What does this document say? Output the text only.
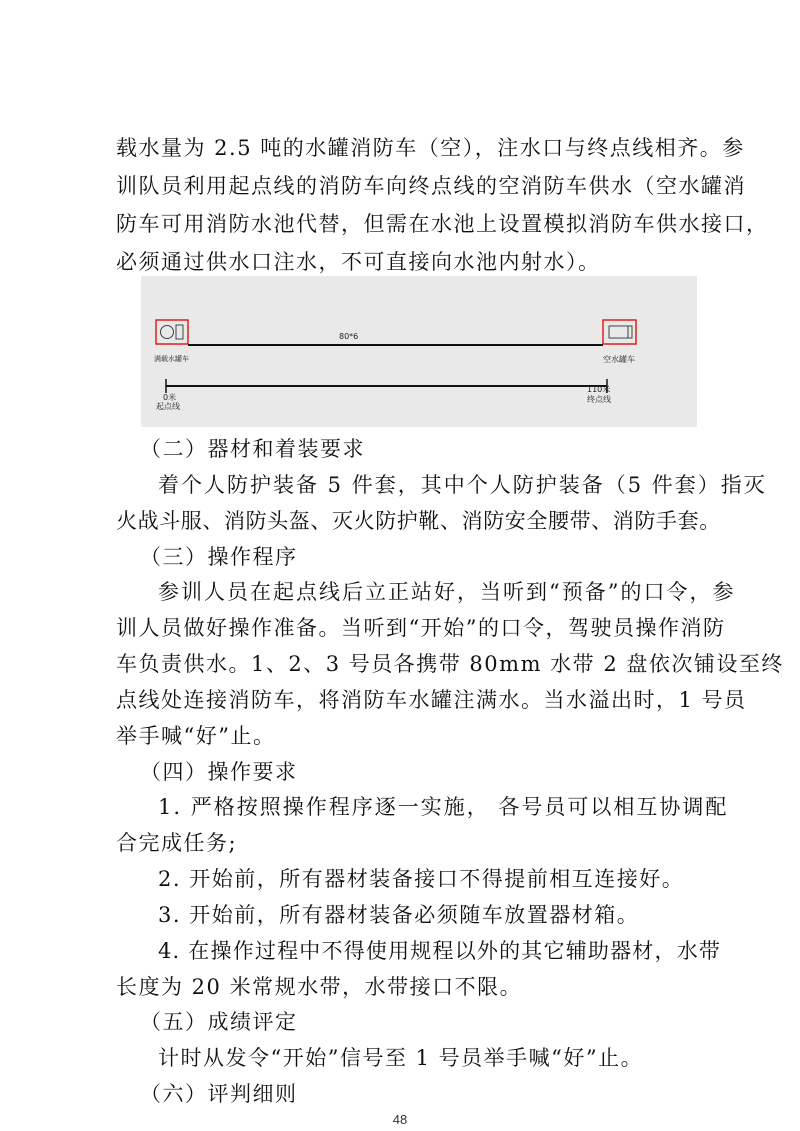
载水量为 2.5 吨的水罐消防车（空），注水口与终点线相齐。参
训队员利用起点线的消防车向终点线的空消防车供水（空水罐消
防车可用消防水池代替，但需在水池上设置模拟消防车供水接口，
必须通过供水口注水，不可直接向水池内射水）。
80*6
满载水罐车	空水罐车
0米
起点线
110米
终点线
（二）器材和着装要求
着个人防护装备 5 件套，其中个人防护装备（5 件套）指灭
火战斗服、消防头盔、灭火防护靴、消防安全腰带、消防手套。
（三）操作程序
参训人员在起点线后立正站好，当听到“预备”的口令，参
训人员做好操作准备。当听到“开始”的口令，驾驶员操作消防
车负责供水。1、2、3 号员各携带 80mm 水带 2 盘依次铺设至终
点线处连接消防车，将消防车水罐注满水。当水溢出时，1 号员
举手喊“好”止。
（四）操作要求
1. 严格按照操作程序逐一实施， 各号员可以相互协调配
合完成任务;
2. 开始前，所有器材装备接口不得提前相互连接好。
3. 开始前，所有器材装备必须随车放置器材箱。
4. 在操作过程中不得使用规程以外的其它辅助器材，水带
长度为 20 米常规水带，水带接口不限。
（五）成绩评定
计时从发令“开始”信号至 1 号员举手喊“好”止。
（六）评判细则
48
